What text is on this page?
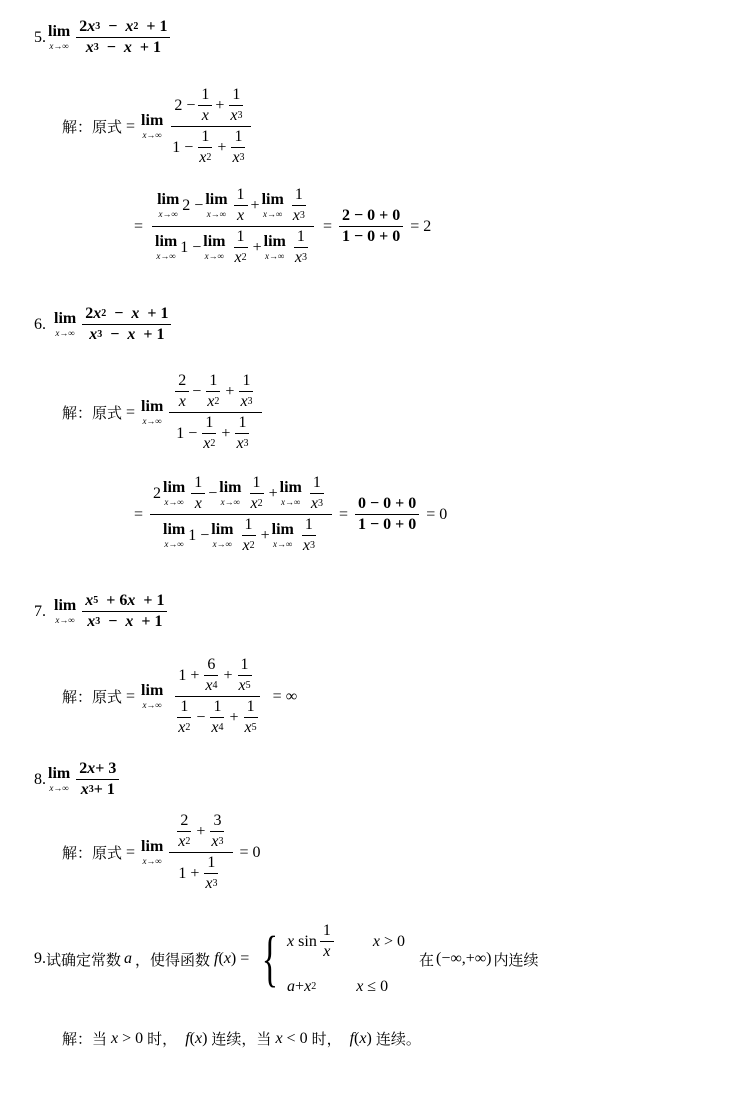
5. lim
$x\to\infty \frac{2 x 3 - x 2 + 1}{x 3 - x + 1}$
解：原式 = lim
$x\to\infty \frac{2 - \frac{1}{x} + \frac{1}{x 3}}{1 - \frac{1}{x 2} + \frac{1}{x 3}}$
= lim
x→∞
2 − lim
$x\to\infty \frac{1}{x} + \lim$
$x\to\infty \frac{1}{x 3}$
lim
x→∞
1 − lim
$x\to\infty \frac{1}{x 2} + \lim$
$x\to\infty \frac{1}{x 3} = \frac{2 - 0 + 0}{1 - 0 + 0} = 2$
6. lim
$x\to\infty \frac{2 x 2 - x + 1}{x 3 - x + 1}$
解：原式 = lim
$x\to\infty \frac{\frac{2}{x} - \frac{1}{x 2} + \frac{1}{x 3}}{1 - \frac{1}{x 2} + \frac{1}{x 3}}$
= 2 lim
$x\to\infty \frac{1}{x} - \lim$
$x\to\infty \frac{1}{x 2} + \lim$
$x\to\infty \frac{1}{x 3}$
lim
x→∞
1 − lim
$x\to\infty \frac{1}{x 2} + \lim$
$x\to\infty \frac{1}{x 3} = \frac{0 - 0 + 0}{1 - 0 + 0} = 0$
7. lim
$x\to\infty \frac{x 5 + 6 x + 1}{x 3 - x + 1}$
解：原式 = lim
$x\to\infty \frac{1 + \frac{6}{x 4} + \frac{1}{x 5}}{\frac{1}{x 2} - \frac{1}{x 4} + \frac{1}{x 5}}$ = ∞
8. lim
$x\to\infty \frac{2 x + 3}{x 3 + 1}$
解：原式 = lim
$x\to\infty \frac{\frac{2}{x 2} + \frac{3}{x 3}}{1 + \frac{1}{x 3}} = 0$
9. 试确定常数 a ，使得函数 f ( x ) = { x $\sin \frac{1}{x}$ x > 0
a + x 2	x ≤ 0
在 (−∞,+∞) 内连续
解： 当 x > 0 时， f(x) 连续， 当 x < 0 时， f(x) 连续。
